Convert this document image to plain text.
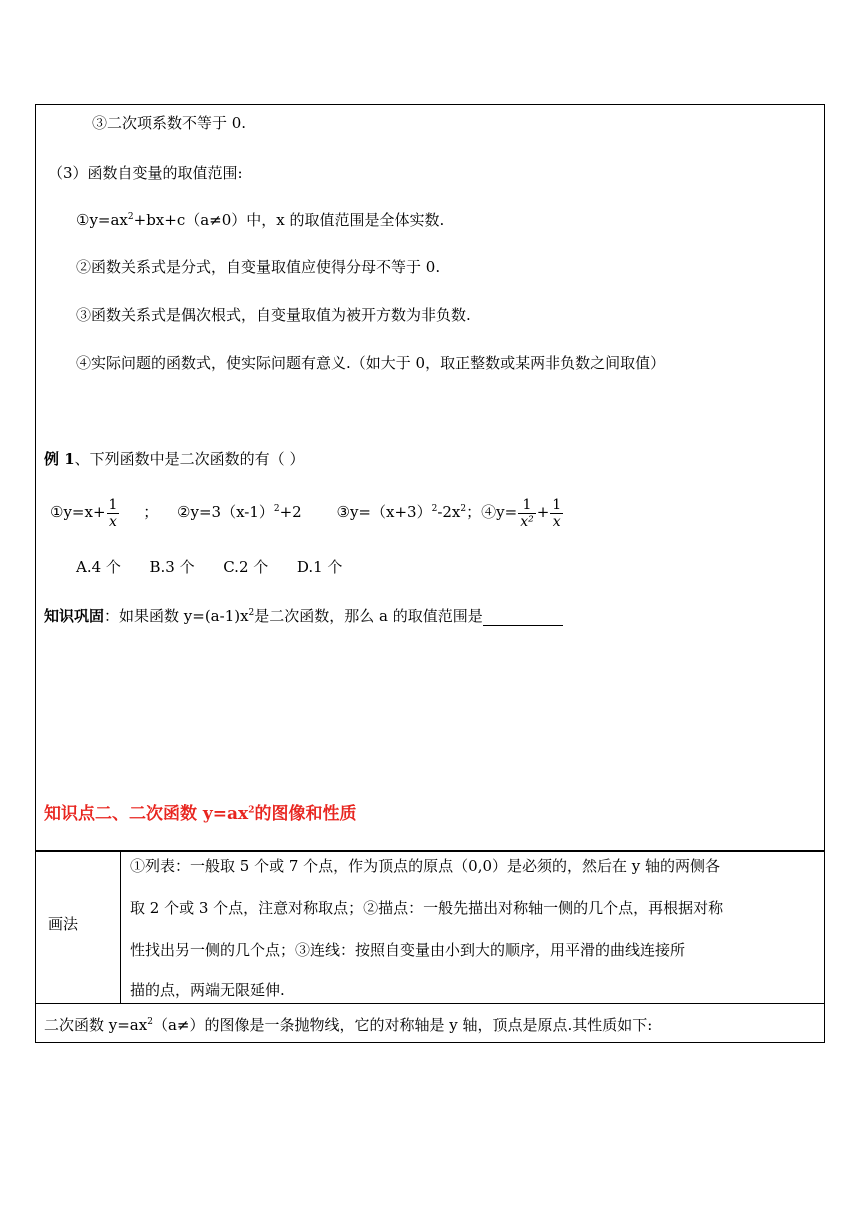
③二次项系数不等于 0.
（3）函数自变量的取值范围:
$①y=ax^2+bx+c(a\ne 0)$中，x 的取值范围是全体实数.
②函数关系式是分式，自变量取值应使得分母不等于 0.
③函数关系式是偶次根式，自变量取值为被开方数为非负数.
④实际问题的函数式，使实际问题有意义.（如大于 0，取正整数或某两非负数之间取值）
例 1、下列函数中是二次函数的有（ ）
①y=x+ $\frac{1}{x}$ ； $②y=3(x-1)^2+2$ $③y=(x+3)^2-2x^2$；④y= $\frac{1}{\text{x²}} + \frac{1}{x}$
A.4 个      B.3 个      C.2 个      D.1 个
知识巩固：如果函数 $y=(a-1)x^2$是二次函数，那么 a 的取值范围是
知识点二、二次函数 $y=ax^2$的图像和性质
画法
①列表：一般取 5 个或 7 个点，作为顶点的原点（0,0）是必须的，然后在 y 轴的两侧各
取 2 个或 3 个点，注意对称取点；②描点：一般先描出对称轴一侧的几个点，再根据对称
性找出另一侧的几个点；③连线：按照自变量由小到大的顺序，用平滑的曲线连接所
描的点，两端无限延伸.
二次函数 $y=ax^2(a\ne)$的图像是一条抛物线，它的对称轴是 y 轴，顶点是原点.其性质如下:
